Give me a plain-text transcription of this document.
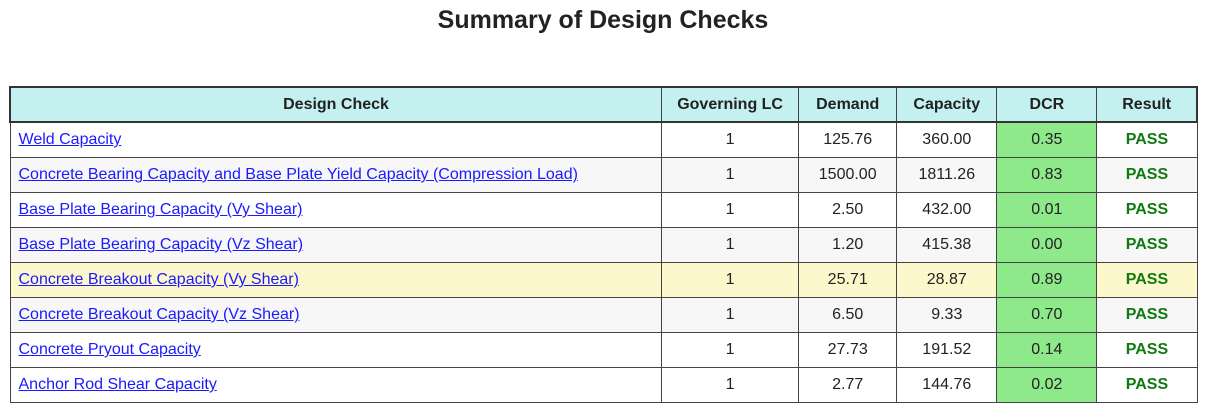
Summary of Design Checks
Design Check	Governing LC	Demand	Capacity	DCR	Result
Weld Capacity	1	125.76	360.00	0.35	PASS
Concrete Bearing Capacity and Base Plate Yield Capacity (Compression Load)	1	1500.00	1811.26	0.83	PASS
Base Plate Bearing Capacity (Vy Shear)	1	2.50	432.00	0.01	PASS
Base Plate Bearing Capacity (Vz Shear)	1	1.20	415.38	0.00	PASS
Concrete Breakout Capacity (Vy Shear)	1	25.71	28.87	0.89	PASS
Concrete Breakout Capacity (Vz Shear)	1	6.50	9.33	0.70	PASS
Concrete Pryout Capacity	1	27.73	191.52	0.14	PASS
Anchor Rod Shear Capacity	1	2.77	144.76	0.02	PASS
